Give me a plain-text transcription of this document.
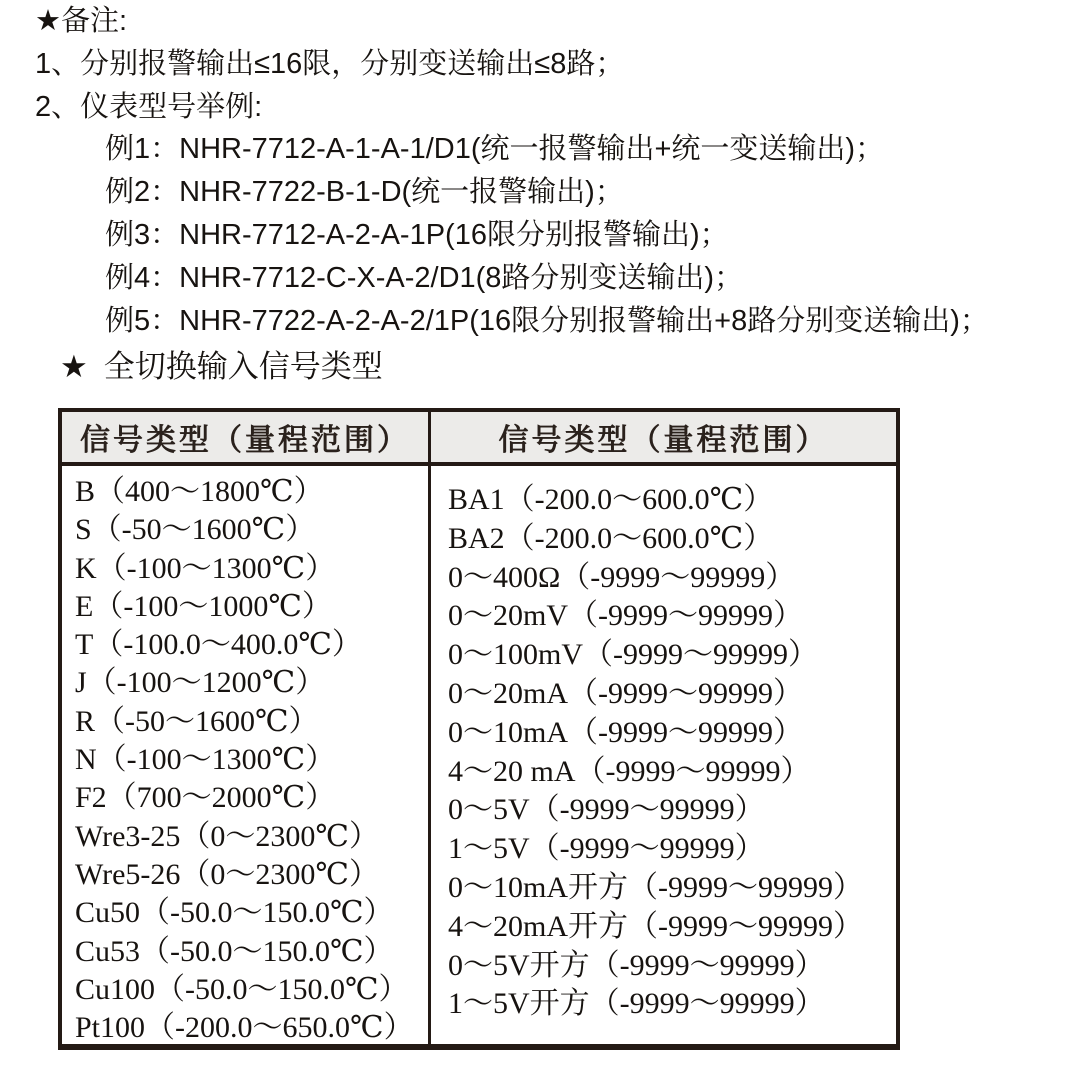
★备注:
1、分别报警输出≤16限，分别变送输出≤8路；
2、仪表型号举例:
例1：NHR-7712-A-1-A-1/D1(统一报警输出+统一变送输出)；
例2：NHR-7722-B-1-D(统一报警输出)；
例3：NHR-7712-A-2-A-1P(16限分别报警输出)；
例4：NHR-7712-C-X-A-2/D1(8路分别变送输出)；
例5：NHR-7722-A-2-A-2/1P(16限分别报警输出+8路分别变送输出)；
★ 全切换输入信号类型
信号类型（量程范围）	信号类型（量程范围）
B（400～1800℃）
S（-50～1600℃）
K（-100～1300℃）
E（-100～1000℃）
T（-100.0～400.0℃）
J（-100～1200℃）
R（-50～1600℃）
N（-100～1300℃）
F2（700～2000℃）
Wre3-25（0～2300℃）
Wre5-26（0～2300℃）
Cu50（-50.0～150.0℃）
Cu53（-50.0～150.0℃）
Cu100（-50.0～150.0℃）
Pt100（-200.0～650.0℃）
BA1（-200.0～600.0℃）
BA2（-200.0～600.0℃）
0～400Ω（-9999～99999）
0～20mV（-9999～99999）
0～100mV（-9999～99999）
0～20mA（-9999～99999）
0～10mA（-9999～99999）
4～20 mA（-9999～99999）
0～5V（-9999～99999）
1～5V（-9999～99999）
0～10mA开方（-9999～99999）
4～20mA开方（-9999～99999）
0～5V开方（-9999～99999）
1～5V开方（-9999～99999）
